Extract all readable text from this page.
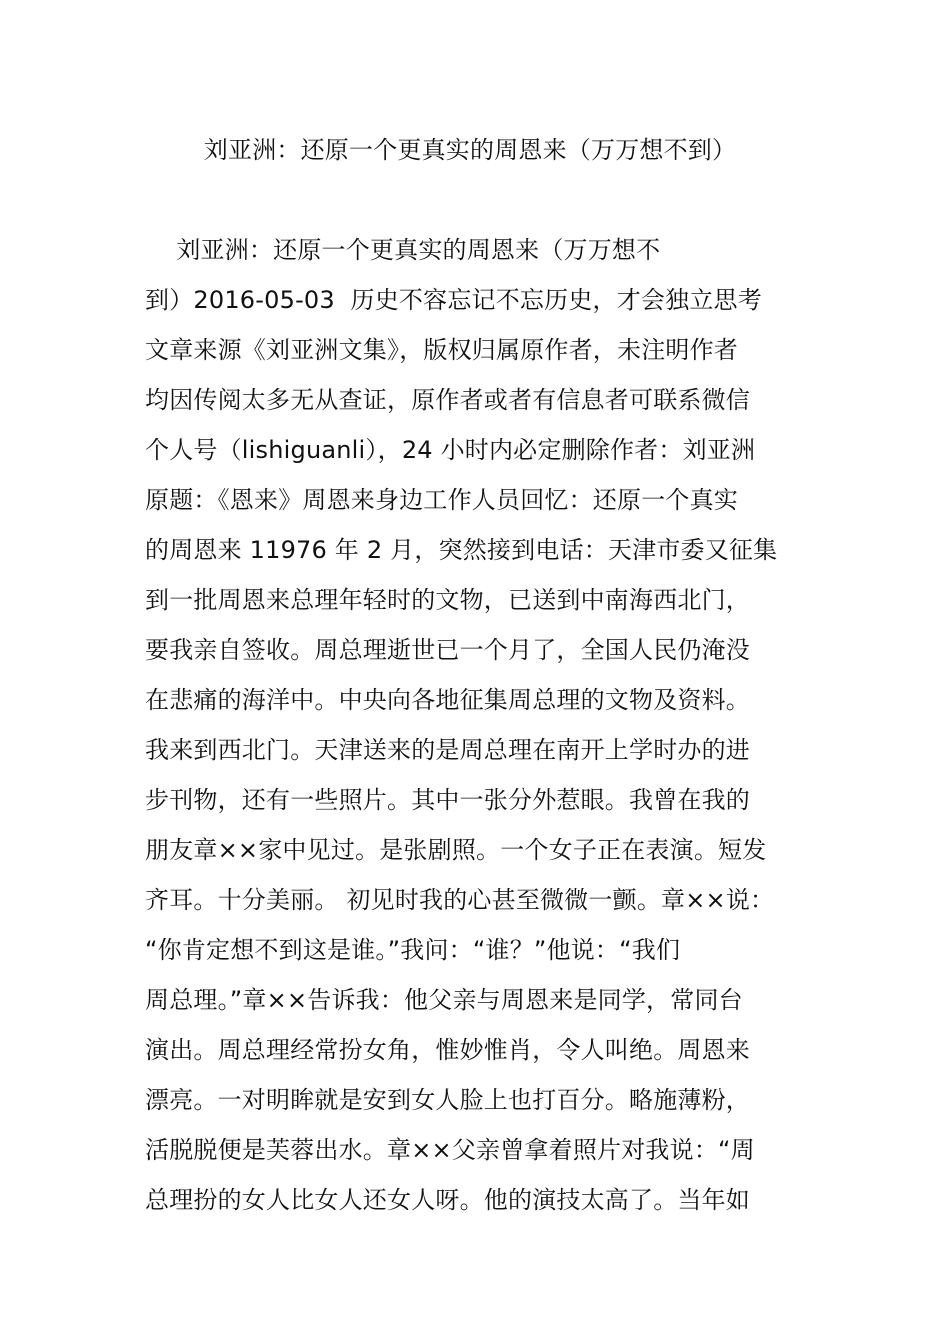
刘亚洲：还原一个更真实的周恩来（万万想不到）
刘亚洲：还原一个更真实的周恩来（万万想不
到）2016-05-03  历史不容忘记不忘历史，才会独立思考
文章来源《刘亚洲文集》，版权归属原作者，未注明作者
均因传阅太多无从查证，原作者或者有信息者可联系微信
个人号（lishiguanli），24 小时内必定删除作者：刘亚洲
原题：《恩来》周恩来身边工作人员回忆：还原一个真实
的周恩来 11976 年 2 月，突然接到电话：天津市委又征集
到一批周恩来总理年轻时的文物，已送到中南海西北门，
要我亲自签收。周总理逝世已一个月了，全国人民仍淹没
在悲痛的海洋中。中央向各地征集周总理的文物及资料。
我来到西北门。天津送来的是周总理在南开上学时办的进
步刊物，还有一些照片。其中一张分外惹眼。我曾在我的
朋友章××家中见过。是张剧照。一个女子正在表演。短发
齐耳。十分美丽。 初见时我的心甚至微微一颤。章××说：
“你肯定想不到这是谁。”我问：“谁？”他说：“我们
周总理。”章××告诉我：他父亲与周恩来是同学，常同台
演出。周总理经常扮女角，惟妙惟肖，令人叫绝。周恩来
漂亮。一对明眸就是安到女人脸上也打百分。略施薄粉，
活脱脱便是芙蓉出水。章××父亲曾拿着照片对我说：“周
总理扮的女人比女人还女人呀。他的演技太高了。当年如
